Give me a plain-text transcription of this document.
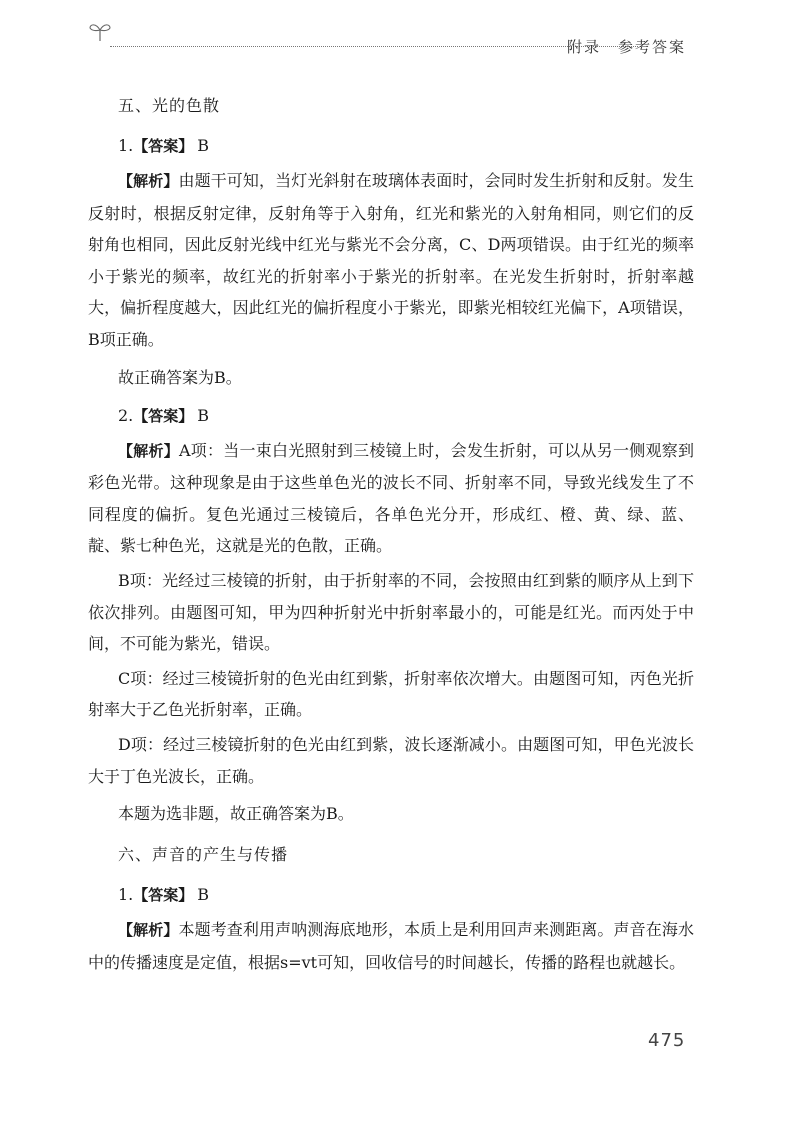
附录　参考答案

五、光的色散

1.【答案】 B

【解析】由题干可知，当灯光斜射在玻璃体表面时，会同时发生折射和反射。发生反射时，根据反射定律，反射角等于入射角，红光和紫光的入射角相同，则它们的反射角也相同，因此反射光线中红光与紫光不会分离，C、D两项错误。由于红光的频率小于紫光的频率，故红光的折射率小于紫光的折射率。在光发生折射时，折射率越大，偏折程度越大，因此红光的偏折程度小于紫光，即紫光相较红光偏下，A项错误，B项正确。

故正确答案为B。

2.【答案】 B

【解析】A项：当一束白光照射到三棱镜上时，会发生折射，可以从另一侧观察到彩色光带。这种现象是由于这些单色光的波长不同、折射率不同，导致光线发生了不同程度的偏折。复色光通过三棱镜后，各单色光分开，形成红、橙、黄、绿、蓝、靛、紫七种色光，这就是光的色散，正确。

B项：光经过三棱镜的折射，由于折射率的不同，会按照由红到紫的顺序从上到下依次排列。由题图可知，甲为四种折射光中折射率最小的，可能是红光。而丙处于中间，不可能为紫光，错误。

C项：经过三棱镜折射的色光由红到紫，折射率依次增大。由题图可知，丙色光折射率大于乙色光折射率，正确。

D项：经过三棱镜折射的色光由红到紫，波长逐渐减小。由题图可知，甲色光波长大于丁色光波长，正确。

本题为选非题，故正确答案为B。

六、声音的产生与传播

1.【答案】 B

【解析】本题考查利用声呐测海底地形，本质上是利用回声来测距离。声音在海水中的传播速度是定值，根据s=vt可知，回收信号的时间越长，传播的路程也就越长。

475
